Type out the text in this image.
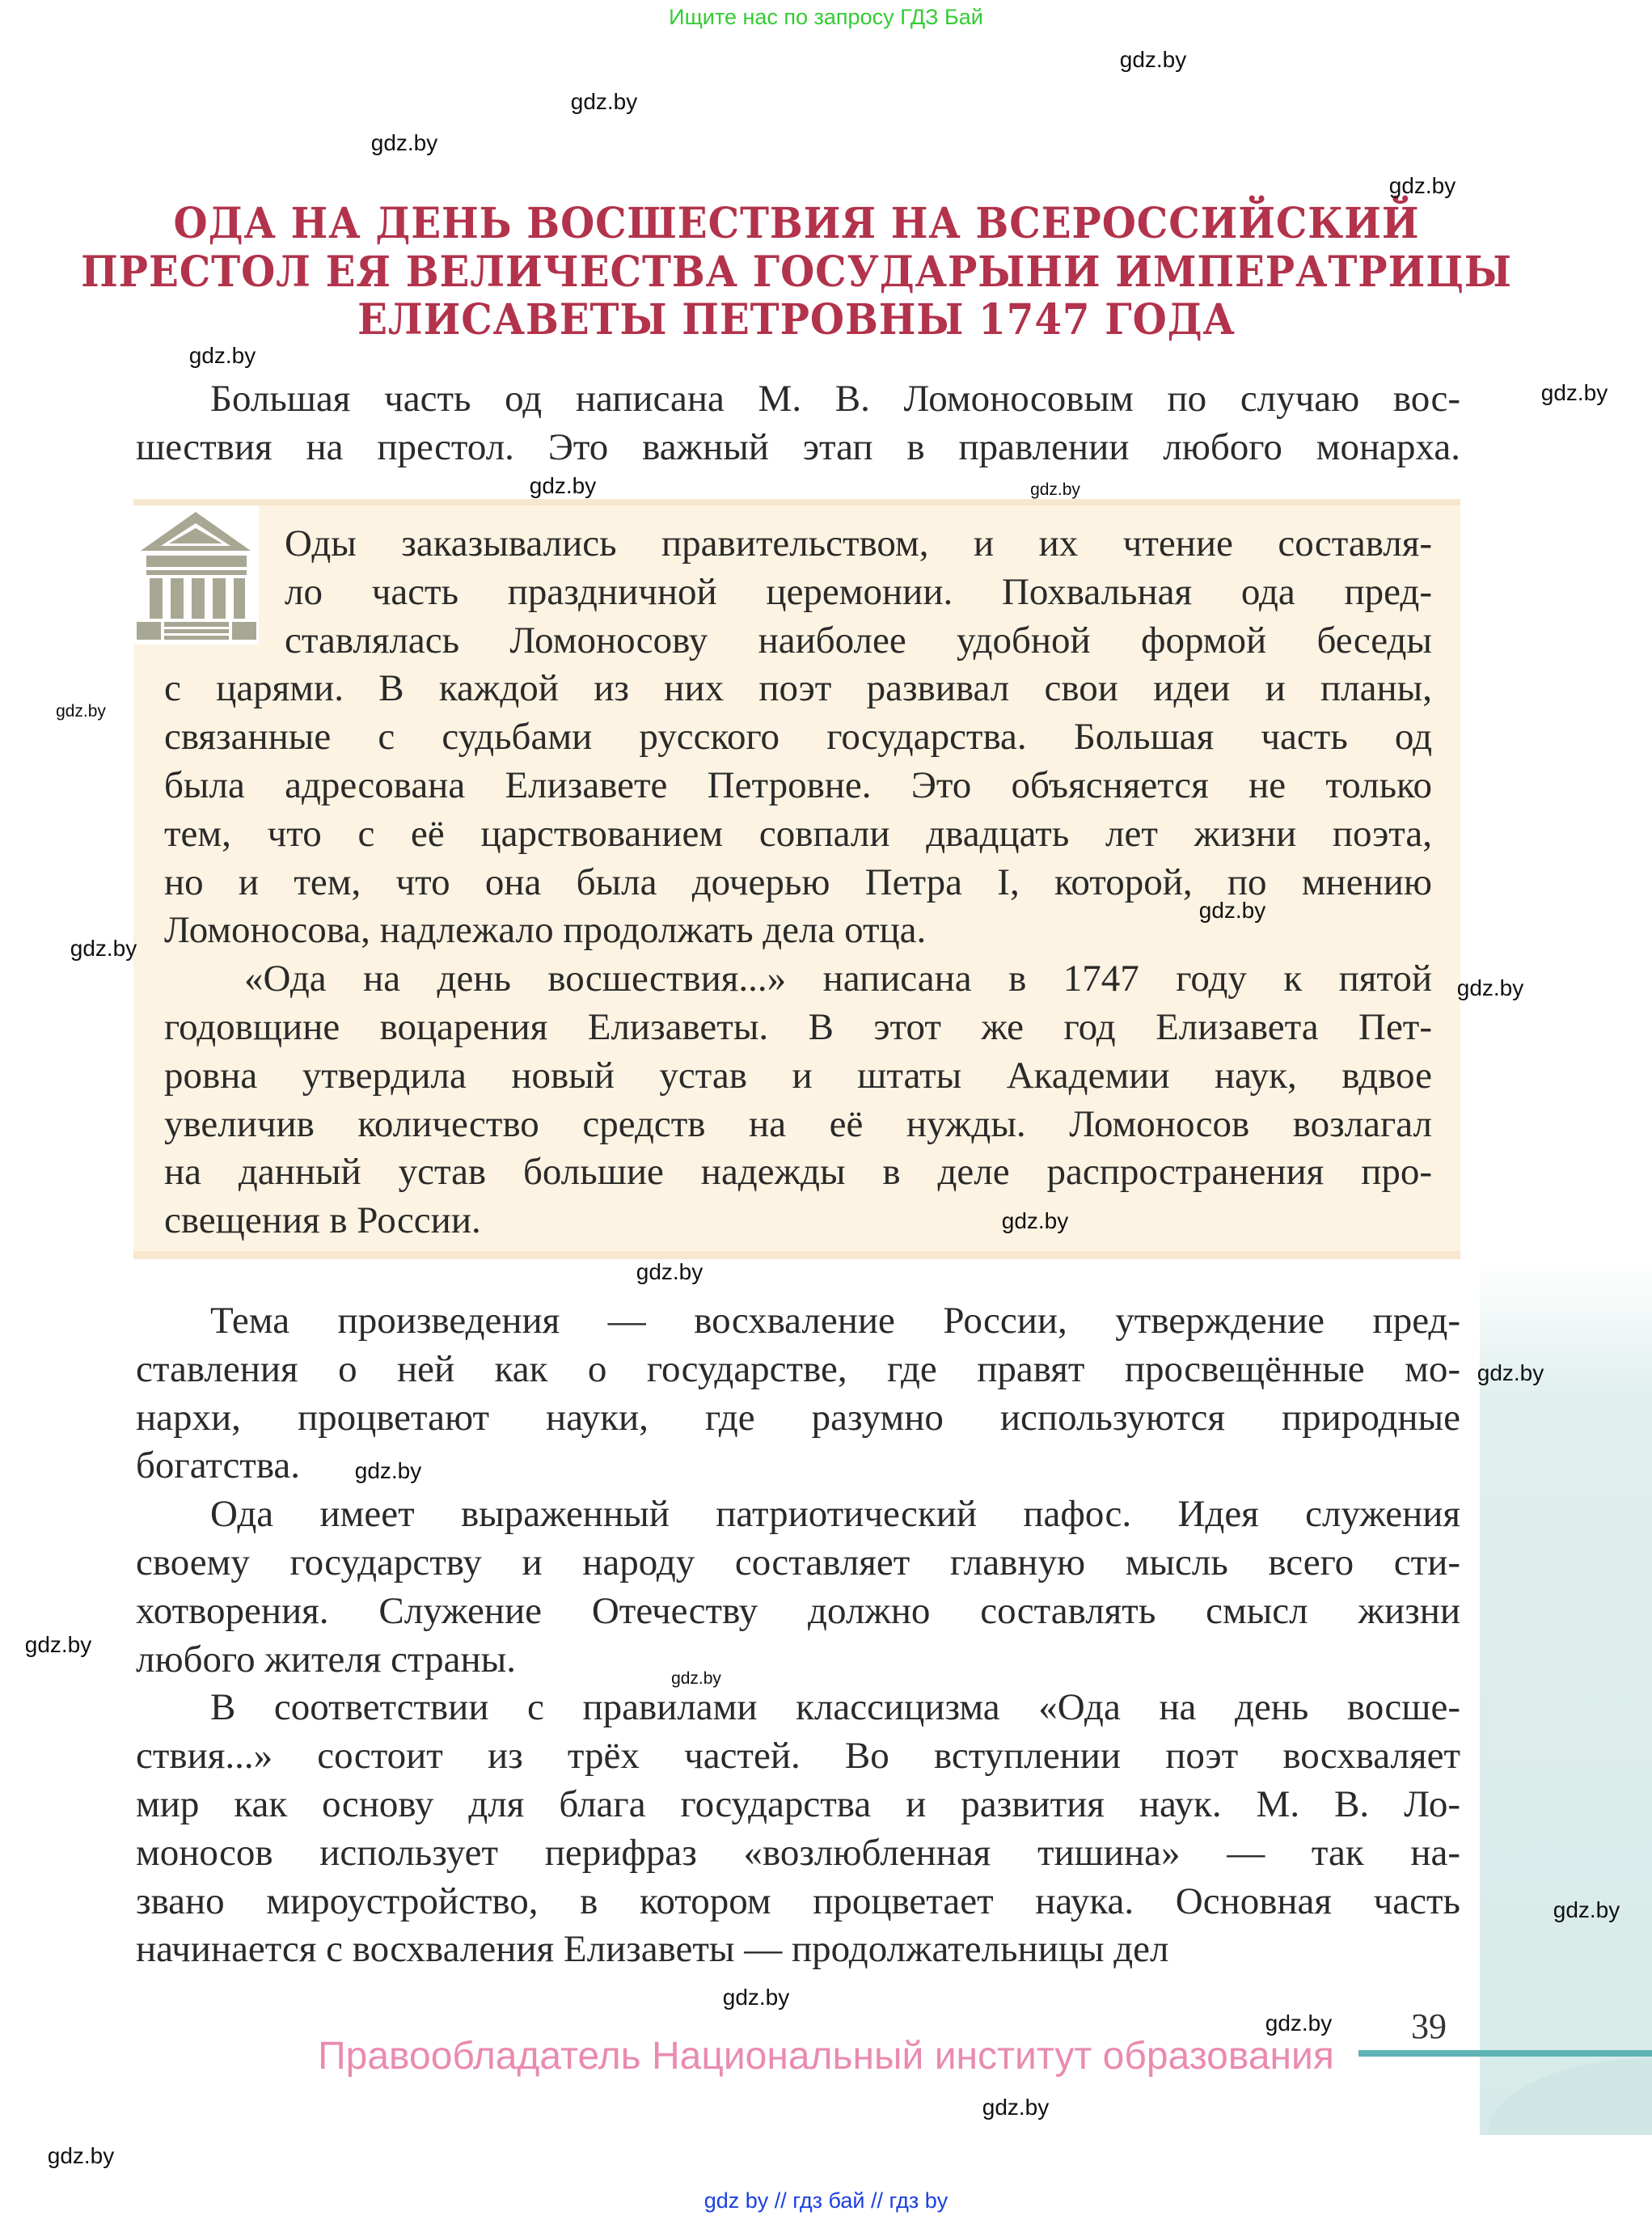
Ищите нас по запросу ГДЗ Бай
ОДА НА ДЕНЬ ВОСШЕСТВИЯ НА ВСЕРОССИЙСКИЙ
ПРЕСТОЛ ЕЯ ВЕЛИЧЕСТВА ГОСУДАРЫНИ ИМПЕРАТРИЦЫ
ЕЛИСАВЕТЫ ПЕТРОВНЫ 1747 ГОДА
Большая часть од написана М. В. Ломоносовым по случаю вос-
шествия на престол. Это важный этап в правлении любого монарха.
Оды заказывались правительством, и их чтение составля-
ло часть праздничной церемонии. Похвальная ода пред-
ставлялась Ломоносову наиболее удобной формой беседы
с царями. В каждой из них поэт развивал свои идеи и планы,
связанные с судьбами русского государства. Большая часть од
была адресована Елизавете Петровне. Это объясняется не только
тем, что с её царствованием совпали двадцать лет жизни поэта,
но и тем, что она была дочерью Петра I, которой, по мнению
Ломоносова, надлежало продолжать дела отца.
«Ода на день восшествия...» написана в 1747 году к пятой
годовщине воцарения Елизаветы. В этот же год Елизавета Пет-
ровна утвердила новый устав и штаты Академии наук, вдвое
увеличив количество средств на её нужды. Ломоносов возлагал
на данный устав большие надежды в деле распространения про-
свещения в России.
Тема произведения — восхваление России, утверждение пред-
ставления о ней как о государстве, где правят просвещённые мо-
нархи, процветают науки, где разумно используются природные
богатства.
Ода имеет выраженный патриотический пафос. Идея служения
своему государству и народу составляет главную мысль всего сти-
хотворения. Служение Отечеству должно составлять смысл жизни
любого жителя страны.
В соответствии с правилами классицизма «Ода на день восше-
ствия...» состоит из трёх частей. Во вступлении поэт восхваляет
мир как основу для блага государства и развития наук. М. В. Ло-
моносов использует перифраз «возлюбленная тишина» — так на-
звано мироустройство, в котором процветает наука. Основная часть
начинается с восхваления Елизаветы — продолжательницы дел
gdz.by
gdz.by
gdz.by
gdz.by
gdz.by
gdz.by
gdz.by	gdz.by
gdz.by
gdz.by
gdz.by
gdz.by
gdz.by
gdz.by
gdz.by
gdz.by
gdz.by
gdz.by
gdz.by
gdz.by
gdz.by
gdz.by
gdz.by
39
Правообладатель Национальный институт образования
gdz by // гдз бай // гдз by
